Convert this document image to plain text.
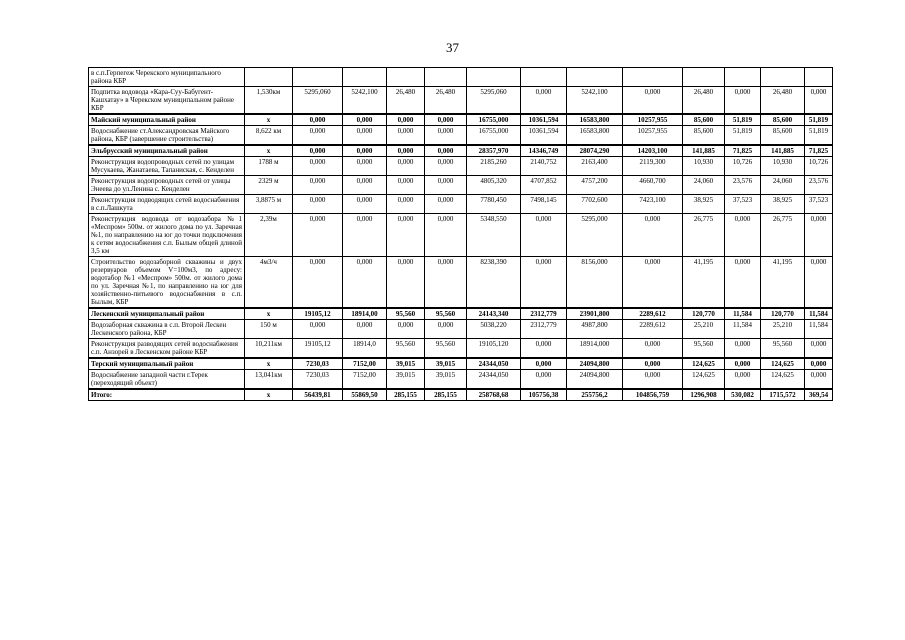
37
в с.п.Герпегеж Черекского муниципального района КБР													
Подпитка водовода «Кара-Суу-Бабугент-Кашхатау» в Черекском муниципальном районе КБР	1,530км	5295,060	5242,100	26,480	26,480	5295,060	0,000	5242,100	0,000	26,480	0,000	26,480	0,000
Майский муниципальный район	х	0,000	0,000	0,000	0,000	16755,000	10361,594	16583,800	10257,955	85,600	51,819	85,600	51,819
Водоснабжение ст.Александровская Майского района, КБР (завершение строительства)	8,622 км	0,000	0,000	0,000	0,000	16755,000	10361,594	16583,800	10257,955	85,600	51,819	85,600	51,819
Эльбрусский муниципальный район	х	0,000	0,000	0,000	0,000	28357,970	14346,749	28074,290	14203,100	141,885	71,825	141,885	71,825
Реконструкция водопроводных сетей по улицам Мусукаева, Жанатаева, Тапаниская, с. Кенделен	1788 м	0,000	0,000	0,000	0,000	2185,260	2140,752	2163,400	2119,300	10,930	10,726	10,930	10,726
Реконструкция водопроводных сетей от улицы Энеева до ул.Ленина с. Кенделен	2329 м	0,000	0,000	0,000	0,000	4805,320	4707,852	4757,200	4660,700	24,060	23,576	24,060	23,576
Реконструкция подводящих сетей водоснабжения в с.п.Лашкута	3,8875 м	0,000	0,000	0,000	0,000	7780,450	7498,145	7702,600	7423,100	38,925	37,523	38,925	37,523
Реконструкция водовода от водозабора №1 «Меспром» 500м. от жилого дома по ул. Заречная №1, по направлению на юг до точки подключения к сетям водоснабжения с.п. Былым общей длиной 3,5 км	2,39м	0,000	0,000	0,000	0,000	5348,550	0,000	5295,000	0,000	26,775	0,000	26,775	0,000
Строительство водозаборной скважины и двух резервуаров объемом V=100м3, по адресу: водотабор №1 «Меспром» 500м. от жилого дома по ул. Заречная №1, по направлению на юг для хозяйственно-питьевого водоснабжения в с.п. Былым, КБР	4м3/ч	0,000	0,000	0,000	0,000	8238,390	0,000	8156,000	0,000	41,195	0,000	41,195	0,000
Лескенский муниципальный район	х	19105,12	18914,00	95,560	95,560	24143,340	2312,779	23901,800	2289,612	120,770	11,584	120,770	11,584
Водозаборная скважина в с.п. Второй Лескен Лескенского района, КБР	150 м	0,000	0,000	0,000	0,000	5038,220	2312,779	4987,800	2289,612	25,210	11,584	25,210	11,584
Реконструкция разводящих сетей водоснабжения с.п. Анзорей в Лескенском районе КБР	10,211км	19105,12	18914,0	95,560	95,560	19105,120	0,000	18914,000	0,000	95,560	0,000	95,560	0,000
Терский муниципальный район	х	7230,03	7152,00	39,015	39,015	24344,050	0,000	24094,800	0,000	124,625	0,000	124,625	0,000
Водоснабжение западной части г.Терек (переходящий объект)	13,041км	7230,03	7152,00	39,015	39,015	24344,050	0,000	24094,800	0,000	124,625	0,000	124,625	0,000
Итого:	х	56439,81	55869,50	285,155	285,155	258768,68	105756,38	255756,2	104856,759	1296,908	530,082	1715,572	369,54
